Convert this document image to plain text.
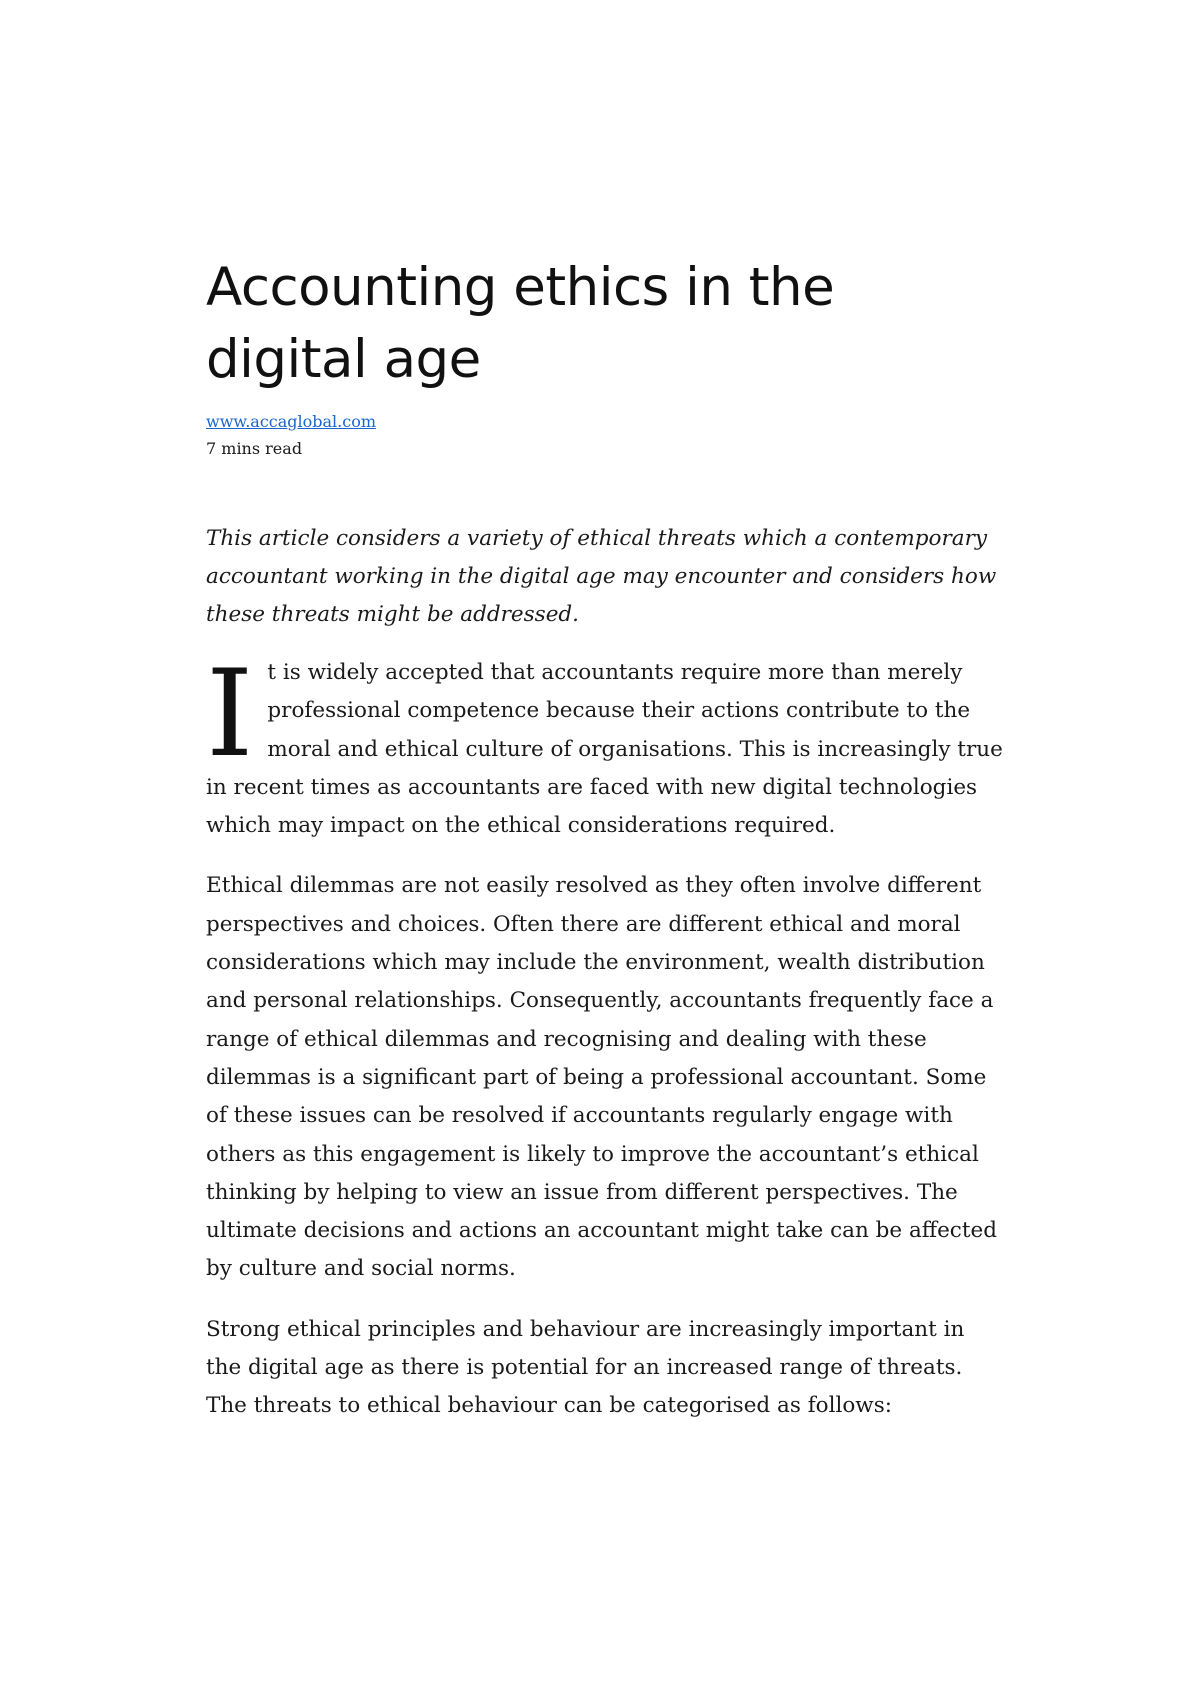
Accounting ethics in the digital age
www.accaglobal.com
7 mins read

This article considers a variety of ethical threats which a contemporary accountant working in the digital age may encounter and considers how these threats might be addressed.

It is widely accepted that accountants require more than merely professional competence because their actions contribute to the moral and ethical culture of organisations. This is increasingly true in recent times as accountants are faced with new digital technologies which may impact on the ethical considerations required.

Ethical dilemmas are not easily resolved as they often involve different perspectives and choices. Often there are different ethical and moral considerations which may include the environment, wealth distribution and personal relationships. Consequently, accountants frequently face a range of ethical dilemmas and recognising and dealing with these dilemmas is a significant part of being a professional accountant. Some of these issues can be resolved if accountants regularly engage with others as this engagement is likely to improve the accountant’s ethical thinking by helping to view an issue from different perspectives. The ultimate decisions and actions an accountant might take can be affected by culture and social norms.

Strong ethical principles and behaviour are increasingly important in the digital age as there is potential for an increased range of threats. The threats to ethical behaviour can be categorised as follows:
